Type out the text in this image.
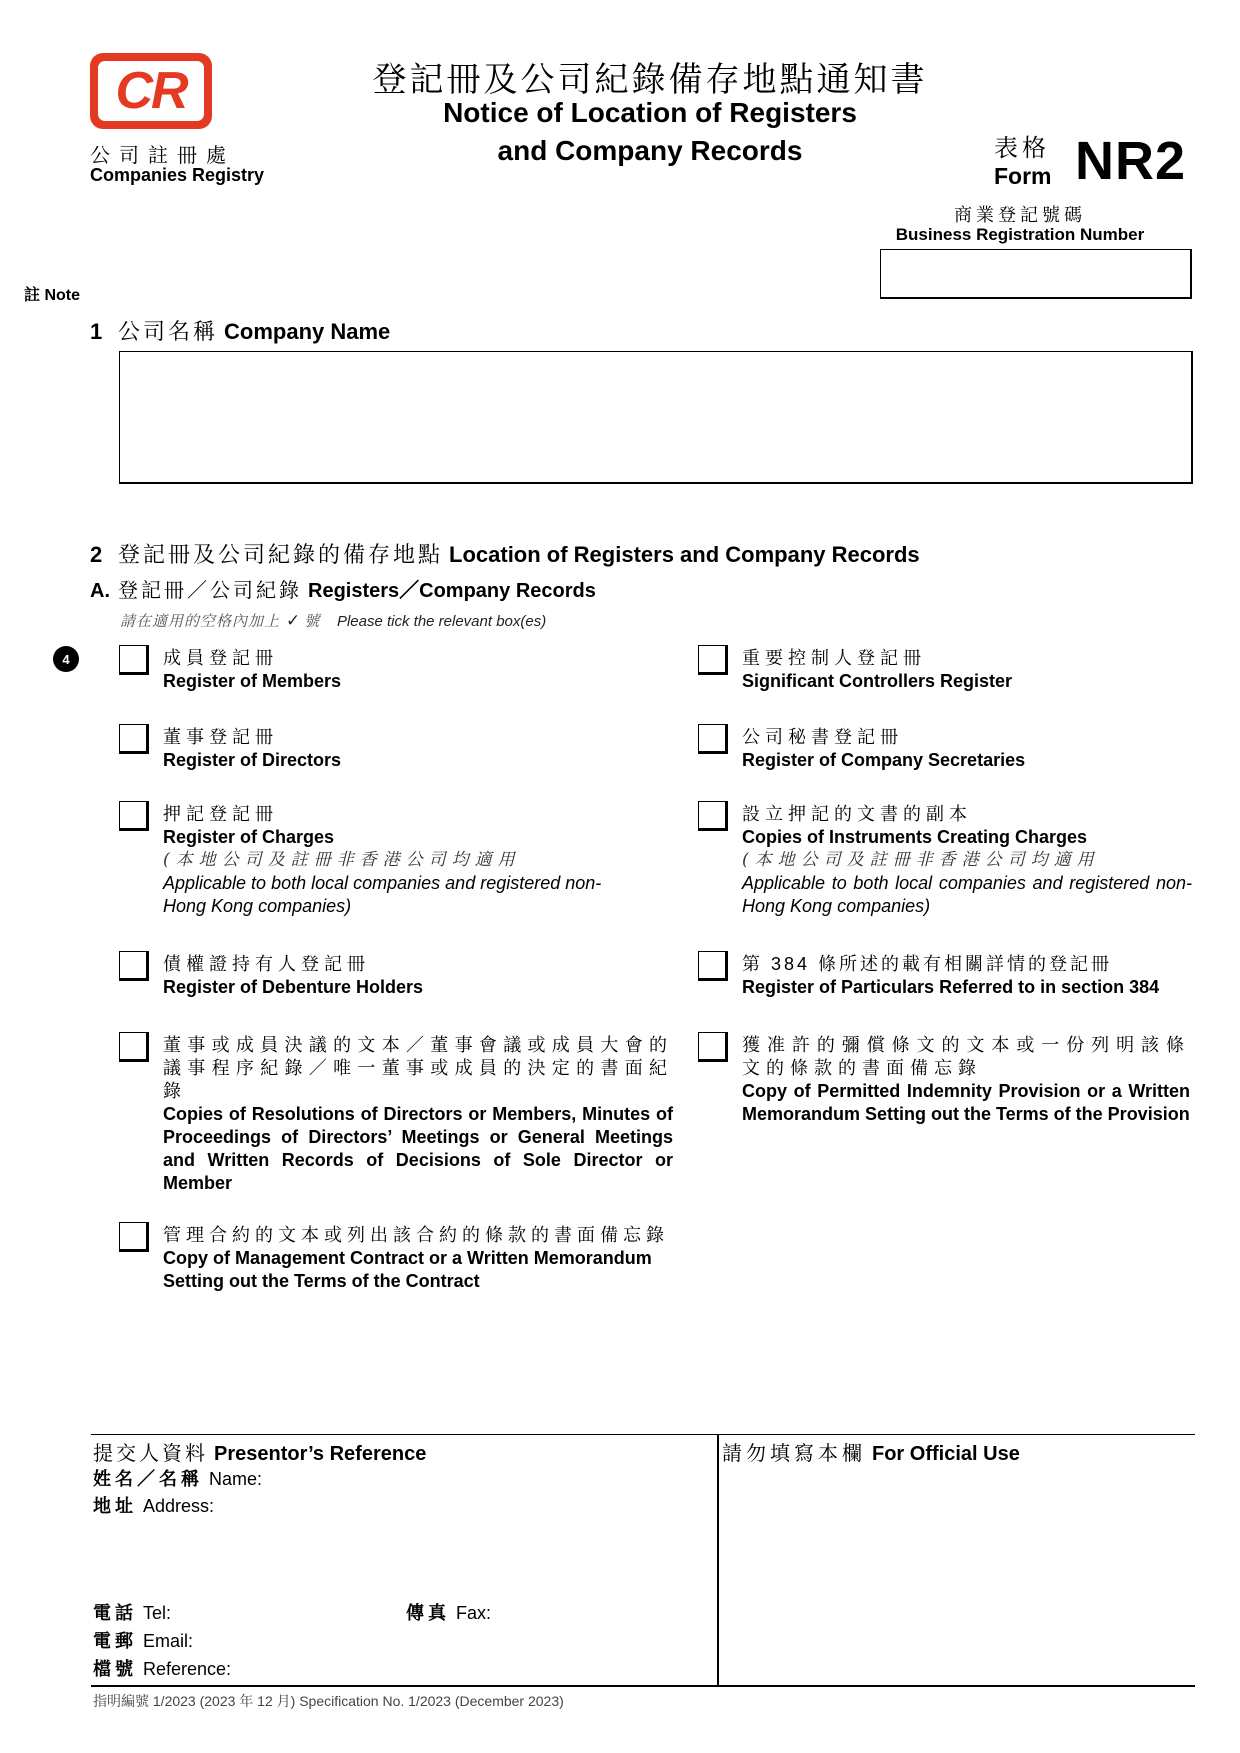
CR
公司註冊處
Companies Registry
登記冊及公司紀錄備存地點通知書
Notice of Location of Registers
and Company Records	表格
Form NR2
商業登記號碼
Business Registration Number
註 Note
1 公司名稱 Company Name
2 登記冊及公司紀錄的備存地點 Location of Registers and Company Records
A. 登記冊／公司紀錄 Registers／Company Records
請在適用的空格內加上 ✓ 號 Please tick the relevant box(es)
4	成員登記冊
Register of Members
董事登記冊
Register of Directors
押記登記冊
Register of Charges
(本地公司及註冊非香港公司均適用
Applicable to both local companies and registered non-Hong Kong companies)
債權證持有人登記冊
Register of Debenture Holders
董事或成員決議的文本／董事會議或成員大會的議事程序紀錄／唯一董事或成員的決定的書面紀錄
Copies of Resolutions of Directors or Members, Minutes of Proceedings of Directors’ Meetings or General Meetings and Written Records of Decisions of Sole Director or Member
管理合約的文本或列出該合約的條款的書面備忘錄
Copy of Management Contract or a Written Memorandum Setting out the Terms of the Contract
重要控制人登記冊
Significant Controllers Register
公司秘書登記冊
Register of Company Secretaries
設立押記的文書的副本
Copies of Instruments Creating Charges
(本地公司及註冊非香港公司均適用
Applicable to both local companies and registered non-Hong Kong companies)
第 384 條所述的載有相關詳情的登記冊
Register of Particulars Referred to in section 384
獲准許的彌償條文的文本或一份列明該條文的條款的書面備忘錄
Copy of Permitted Indemnity Provision or a Written Memorandum Setting out the Terms of the Provision
提交人資料 Presentor’s Reference
姓名／名稱 Name:
地址 Address:
電話 Tel:	傳真 Fax:
電郵 Email:
檔號 Reference:
請勿填寫本欄 For Official Use
指明編號 1/2023 (2023 年 12 月) Specification No. 1/2023 (December 2023)
